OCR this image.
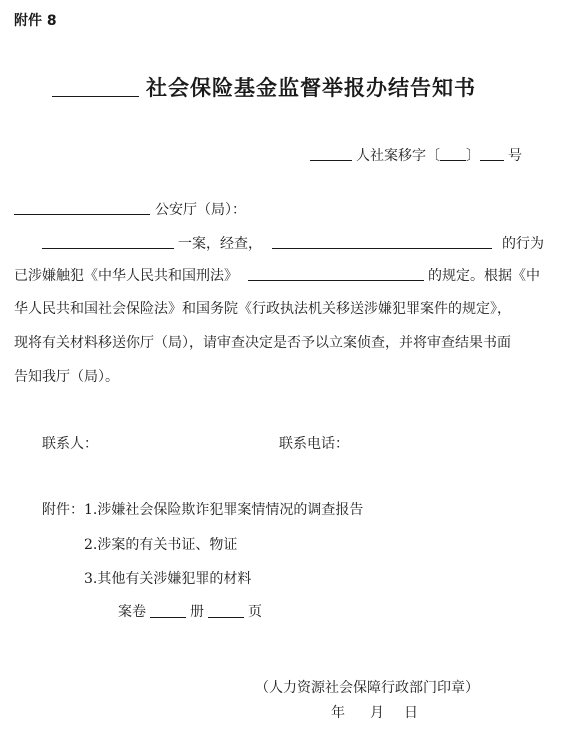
附件 8
社会保险基金监督举报办结告知书
人社案移字〔 〕 号
公安厅（局）：
一案，经查，	的行为
已涉嫌触犯《中华人民共和国刑法》	的规定。根据《中
华人民共和国社会保险法》和国务院《行政执法机关移送涉嫌犯罪案件的规定》，
现将有关材料移送你厅（局），请审查决定是否予以立案侦查，并将审查结果书面
告知我厅（局）。
联系人：	联系电话：
附件： 1.涉嫌社会保险欺诈犯罪案情情况的调查报告
2.涉案的有关书证、物证
3.其他有关涉嫌犯罪的材料
案卷	册	页
（人力资源社会保障行政部门印章）
年 月 日
